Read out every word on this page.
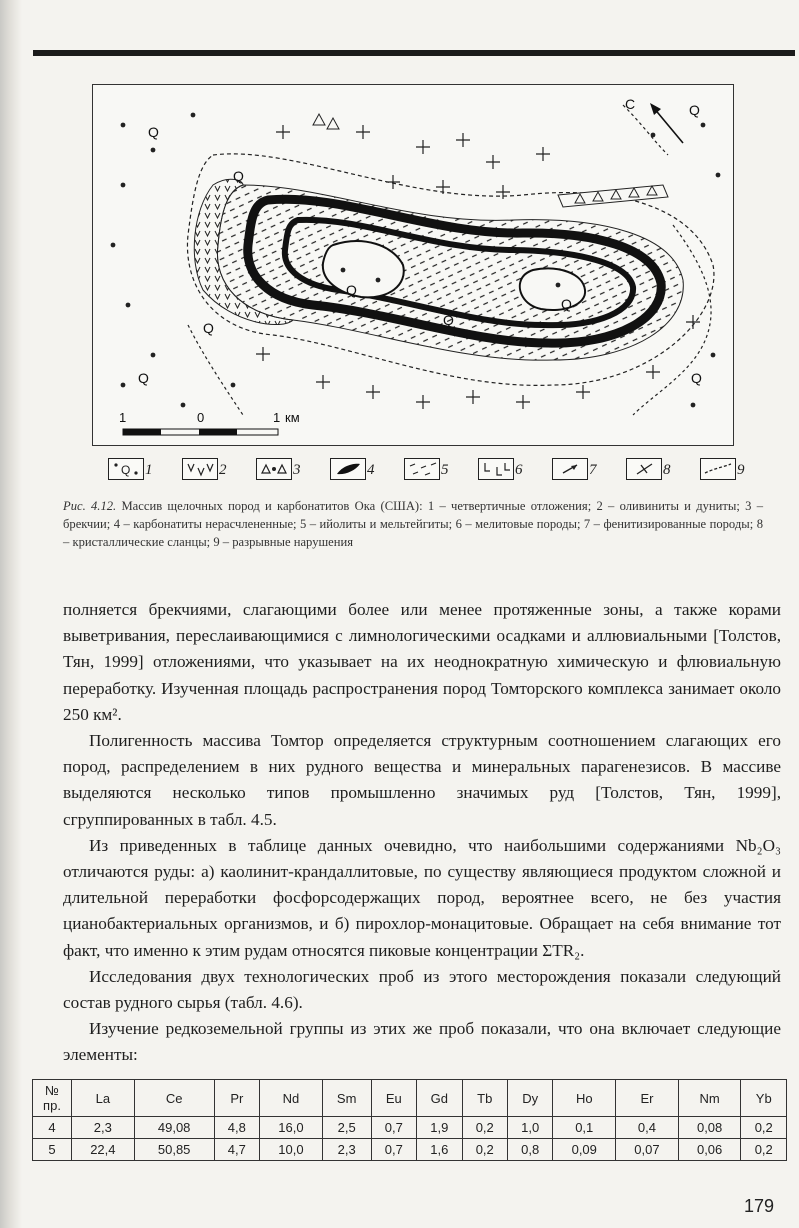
С
Q
Q
Q
Q
Q
Q
Q
Q	Q
1	0	1 км
Q 1	2	3	4	5	6	7	8	9
Рис. 4.12. Массив щелочных пород и карбонатитов Ока (США): 1 – четвертичные отложения; 2 – оливиниты и дуниты; 3 – брекчии; 4 – карбонатиты нерасчлененные; 5 – ийолиты и мельтейгиты; 6 – мелитовые породы; 7 – фенитизированные породы; 8 – кристаллические сланцы; 9 – разрывные нарушения

полняется брекчиями, слагающими более или менее протяженные зоны, а также корами выветривания, переслаивающимися с лимнологическими осадками и аллювиальными [Толстов, Тян, 1999] отложениями, что указывает на их неоднократную химическую и флювиальную переработку. Изученная площадь распространения пород Томторского комплекса занимает около 250 км².

Полигенность массива Томтор определяется структурным соотношением слагающих его пород, распределением в них рудного вещества и минеральных парагенезисов. В массиве выделяются несколько типов промышленно значимых руд [Толстов, Тян, 1999], сгруппированных в табл. 4.5.

Из приведенных в таблице данных очевидно, что наибольшими содержаниями Nb₂O₃ отличаются руды: а) каолинит-крандаллитовые, по существу являющиеся продуктом сложной и длительной переработки фосфорсодержащих пород, вероятнее всего, не без участия цианобактериальных организмов, и б) пирохлор-монацитовые. Обращает на себя внимание тот факт, что именно к этим рудам относятся пиковые концентрации ΣTR₂.

Исследования двух технологических проб из этого месторождения показали следующий состав рудного сырья (табл. 4.6).

Изучение редкоземельной группы из этих же проб показали, что она включает следующие элементы:

№
пр.	La	Ce	Pr	Nd	Sm	Eu	Gd	Tb	Dy	Ho	Er	Nm	Yb
4	2,3	49,08	4,8	16,0	2,5	0,7	1,9	0,2	1,0	0,1	0,4	0,08	0,2
5	22,4	50,85	4,7	10,0	2,3	0,7	1,6	0,2	0,8	0,09	0,07	0,06	0,2
179
